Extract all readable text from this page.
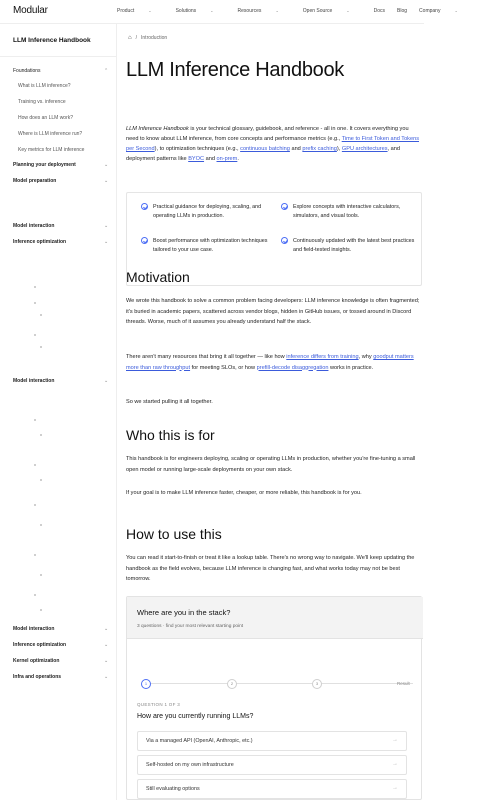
Modular	Product	⌄	Solutions	⌄	Resources	⌄	Open Source	⌄	Docs Blog Company	⌄
LLM Inference Handbook
Foundations	⌃
What is LLM inference?
Training vs. inference
How does an LLM work?
Where is LLM inference run?
Key metrics for LLM inference
Planning your deployment	⌄
Model preparation	⌄
Model interaction	⌄
Inference optimization	⌄
Model interaction	⌄
Model interaction	⌄
Inference optimization	⌄
Kernel optimization	⌄
Infra and operations	⌄
⌂ / Introduction
LLM Inference Handbook

LLM Inference Handbook is your technical glossary, guidebook, and reference - all in one. It covers everything you need to know about LLM inference, from core concepts and performance metrics (e.g., Time to First Token and Tokens per Second), to optimization techniques (e.g., continuous batching and prefix caching), GPU architectures, and deployment patterns like BYOC and on-prem.

Practical guidance for deploying, scaling, and operating LLMs in production.
Explore concepts with interactive calculators, simulators, and visual tools.
Boost performance with optimization techniques tailored to your use case.
Continuously updated with the latest best practices and field-tested insights.
Motivation

We wrote this handbook to solve a common problem facing developers: LLM inference knowledge is often fragmented; it's buried in academic papers, scattered across vendor blogs, hidden in GitHub issues, or tossed around in Discord threads. Worse, much of it assumes you already understand half the stack.

There aren't many resources that bring it all together — like how inference differs from training, why goodput matters more than raw throughput for meeting SLOs, or how prefill-decode disaggregation works in practice.

So we started pulling it all together.

Who this is for

This handbook is for engineers deploying, scaling or operating LLMs in production, whether you're fine-tuning a small open model or running large-scale deployments on your own stack.

If your goal is to make LLM inference faster, cheaper, or more reliable, this handbook is for you.

How to use this

You can read it start-to-finish or treat it like a lookup table. There's no wrong way to navigate. We'll keep updating the handbook as the field evolves, because LLM inference is changing fast, and what works today may not be best tomorrow.

Where are you in the stack?
3 questions · find your most relevant starting point
1	2	3	Result
QUESTION 1 OF 3
How are you currently running LLMs?
Via a managed API (OpenAI, Anthropic, etc.)	→
Self-hosted on my own infrastructure	→
Still evaluating options	→
